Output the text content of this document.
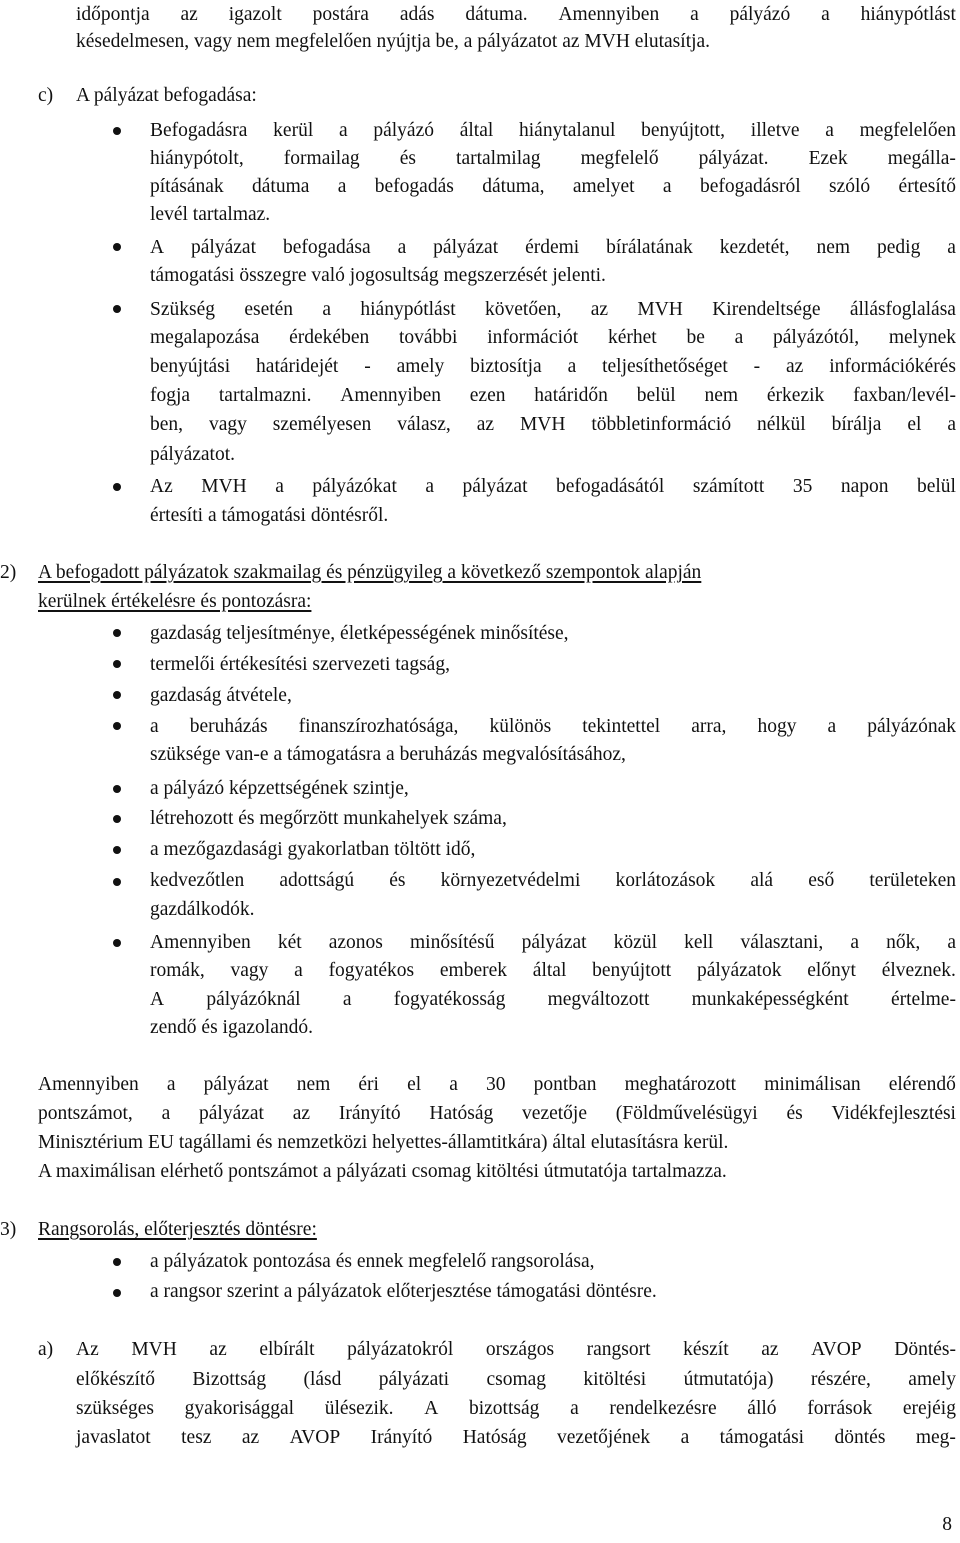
időpontja az igazolt postára adás dátuma. Amennyiben a pályázó a hiánypótlást
késedelmesen, vagy nem megfelelően nyújtja be, a pályázatot az MVH elutasítja.
c) A pályázat befogadása:
Befogadásra kerül a pályázó által hiánytalanul benyújtott, illetve a megfelelően
hiánypótolt, formailag és tartalmilag megfelelő pályázat. Ezek megálla-
pításának dátuma a befogadás dátuma, amelyet a befogadásról szóló értesítő
levél tartalmaz.
A pályázat befogadása a pályázat érdemi bírálatának kezdetét, nem pedig a
támogatási összegre való jogosultság megszerzését jelenti.
Szükség esetén a hiánypótlást követően, az MVH Kirendeltsége állásfoglalása
megalapozása érdekében további információt kérhet be a pályázótól, melynek
benyújtási határidejét - amely biztosítja a teljesíthetőséget - az információkérés
fogja tartalmazni. Amennyiben ezen határidőn belül nem érkezik faxban/levél-
ben, vagy személyesen válasz, az MVH többletinformáció nélkül bírálja el a
pályázatot.
Az MVH a pályázókat a pályázat befogadásától számított 35 napon belül
értesíti a támogatási döntésről.
2) A befogadott pályázatok szakmailag és pénzügyileg a következő szempontok alapján
kerülnek értékelésre és pontozásra:
gazdaság teljesítménye, életképességének minősítése,
termelői értékesítési szervezeti tagság,
gazdaság átvétele,
a beruházás finanszírozhatósága, különös tekintettel arra, hogy a pályázónak
szüksége van-e a támogatásra a beruházás megvalósításához,
a pályázó képzettségének szintje,
létrehozott és megőrzött munkahelyek száma,
a mezőgazdasági gyakorlatban töltött idő,
kedvezőtlen adottságú és környezetvédelmi korlátozások alá eső területeken
gazdálkodók.
Amennyiben két azonos minősítésű pályázat közül kell választani, a nők, a
romák, vagy a fogyatékos emberek által benyújtott pályázatok előnyt élveznek.
A pályázóknál a fogyatékosság megváltozott munkaképességként értelme-
zendő és igazolandó.
Amennyiben a pályázat nem éri el a 30 pontban meghatározott minimálisan elérendő
pontszámot, a pályázat az Irányító Hatóság vezetője (Földművelésügyi és Vidékfejlesztési
Minisztérium EU tagállami és nemzetközi helyettes-államtitkára) által elutasításra kerül.
A maximálisan elérhető pontszámot a pályázati csomag kitöltési útmutatója tartalmazza.
3) Rangsorolás, előterjesztés döntésre:
a pályázatok pontozása és ennek megfelelő rangsorolása,
a rangsor szerint a pályázatok előterjesztése támogatási döntésre.
a) Az MVH az elbírált pályázatokról országos rangsort készít az AVOP Döntés-
előkészítő Bizottság (lásd pályázati csomag kitöltési útmutatója) részére, amely
szükséges gyakorisággal ülésezik. A bizottság a rendelkezésre álló források erejéig
javaslatot tesz az AVOP Irányító Hatóság vezetőjének a támogatási döntés meg-
8
